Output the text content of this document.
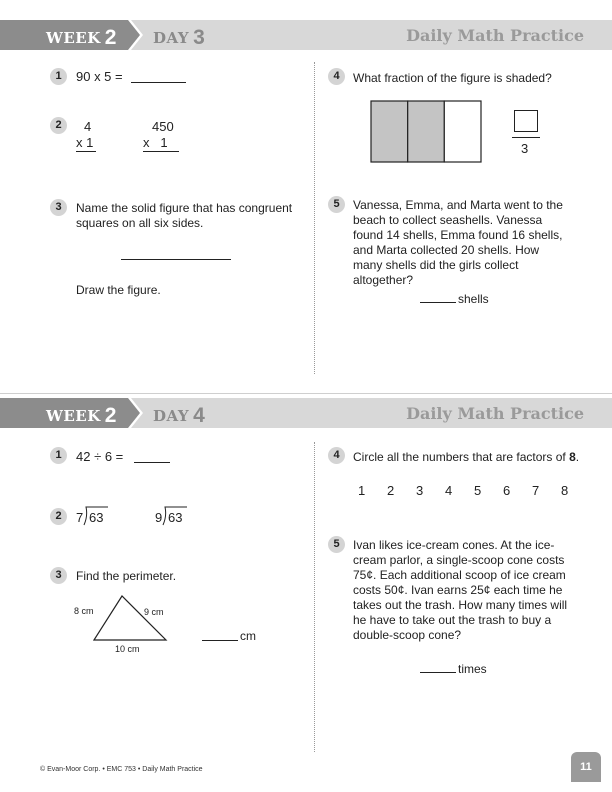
WEEK 2 DAY 3	Daily Math Practice
1	90 x 5 =
2	4
x 1
450
x   1
3	Name the solid figure that has congruent squares on all six sides.
Draw the figure.
4	What fraction of the figure is shaded?
3
5	Vanessa, Emma, and Marta went to the beach to collect seashells. Vanessa found 14 shells, Emma found 16 shells, and Marta collected 20 shells. How many shells did the girls collect altogether?
shells
WEEK 2 DAY 4	Daily Math Practice
1	42 ÷ 6 =
2	7 63	9 63
3	Find the perimeter.
8 cm	9 cm
10 cm
cm
4	Circle all the numbers that are factors of 8.
1 2 3 4 5 6 7 8
5	Ivan likes ice-cream cones. At the ice-cream parlor, a single-scoop cone costs 75¢. Each additional scoop of ice cream costs 50¢. Ivan earns 25¢ each time he takes out the trash. How many times will he have to take out the trash to buy a double-scoop cone?
times
© Evan-Moor Corp. • EMC 753 • Daily Math Practice	11
